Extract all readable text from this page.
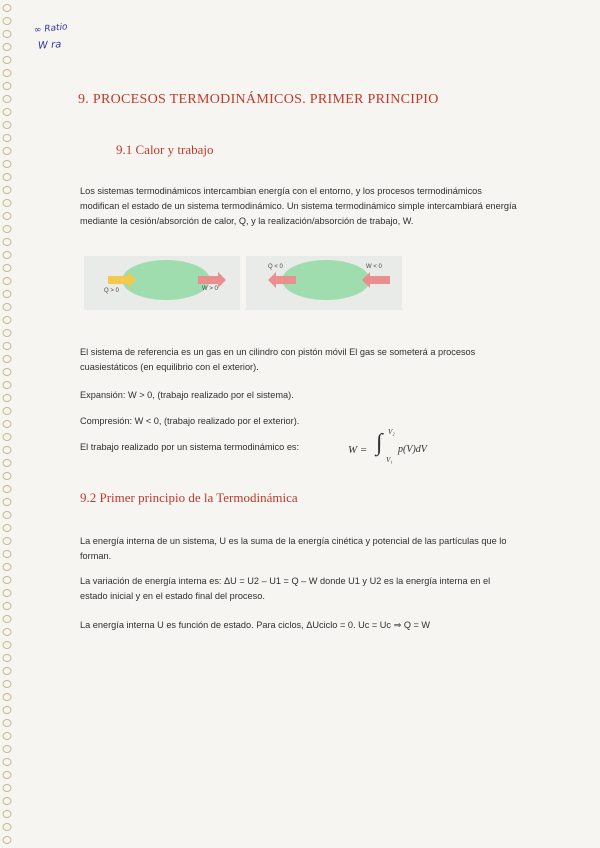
∞ Ratio
W ra
9. PROCESOS TERMODINÁMICOS. PRIMER PRINCIPIO
9.1 Calor y trabajo
Los sistemas termodinámicos intercambian energía con el entorno, y los procesos termodinámicos modifican el estado de un sistema termodinámico. Un sistema termodinámico simple intercambiará energía mediante la cesión/absorción de calor, Q, y la realización/absorción de trabajo, W.
Q > 0	W > 0
Q < 0	W < 0
El sistema de referencia es un gas en un cilindro con pistón móvil El gas se someterá a procesos cuasiestáticos (en equilibrio con el exterior).
Expansión: W > 0, (trabajo realizado por el sistema).
Compresión: W < 0, (trabajo realizado por el exterior).
El trabajo realizado por un sistema termodinámico es:	W = ∫ V₂
V₁
p(V)dV
9.2 Primer principio de la Termodinámica
La energía interna de un sistema, U es la suma de la energía cinética y potencial de las partículas que lo forman.
La variación de energía interna es: ΔU = U2 – U1 = Q – W donde U1 y U2 es la energía interna en el estado inicial y en el estado final del proceso.
La energía interna U es función de estado. Para ciclos, ΔUciclo = 0. Uc = Uc ⇒ Q = W
